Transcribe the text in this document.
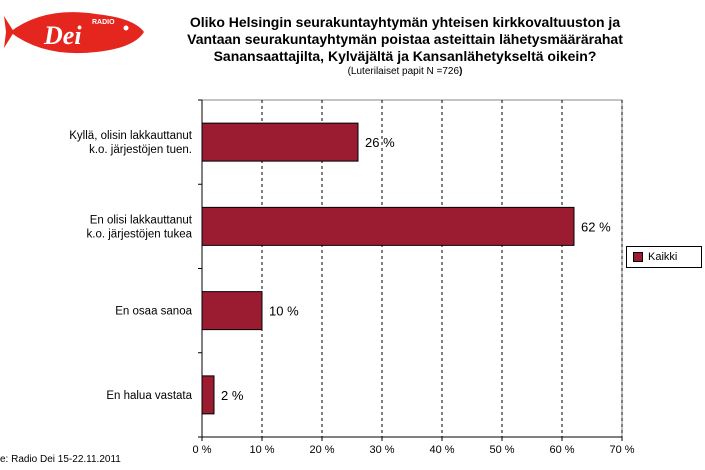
RADIO
Dei	Oliko Helsingin seurakuntayhtymän yhteisen kirkkovaltuuston ja
Vantaan seurakuntayhtymän poistaa asteittain lähetysmäärärahat
Sanansaattajilta, Kylväjältä ja Kansanlähetykseltä oikein?
(Luterilaiset papit N =726)
0 %	10 %	20 %	30 %	40 %	50 %	60 %	70 %
26 %
Kyllä, olisin lakkauttanut
k.o. järjestöjen tuen.
62 %
En olisi lakkauttanut
k.o. järjestöjen tukea
10 %
En osaa sanoa
2 %
En halua vastata
Kaikki
e: Radio Dei 15-22.11.2011
